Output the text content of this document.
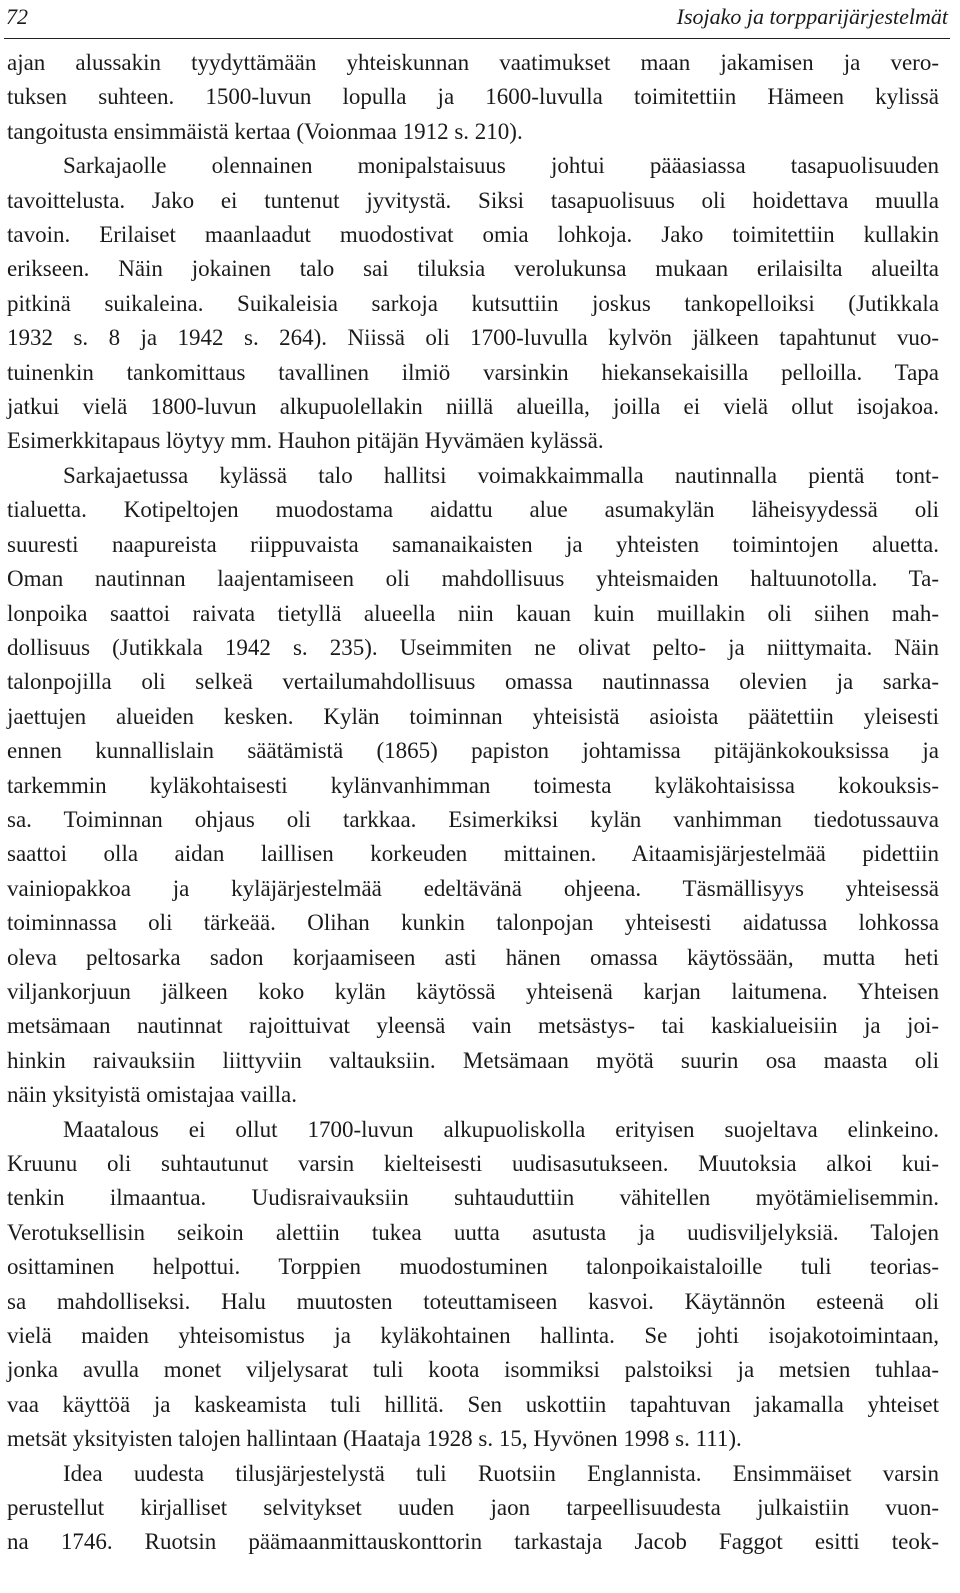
72	Isojako ja torpparijärjestelmät

ajan alussakin tyydyttämään yhteiskunnan vaatimukset maan jakamisen ja vero-

tuksen suhteen. 1500-luvun lopulla ja 1600-luvulla toimitettiin Hämeen kylissä

tangoitusta ensimmäistä kertaa (Voionmaa 1912 s. 210).

Sarkajaolle olennainen monipalstaisuus johtui pääasiassa tasapuolisuuden

tavoittelusta. Jako ei tuntenut jyvitystä. Siksi tasapuolisuus oli hoidettava muulla

tavoin. Erilaiset maanlaadut muodostivat omia lohkoja. Jako toimitettiin kullakin

erikseen. Näin jokainen talo sai tiluksia verolukunsa mukaan erilaisilta alueilta

pitkinä suikaleina. Suikaleisia sarkoja kutsuttiin joskus tankopelloiksi (Jutikkala

1932 s. 8 ja 1942 s. 264). Niissä oli 1700-luvulla kylvön jälkeen tapahtunut vuo-

tuinenkin tankomittaus tavallinen ilmiö varsinkin hiekansekaisilla pelloilla. Tapa

jatkui vielä 1800-luvun alkupuolellakin niillä alueilla, joilla ei vielä ollut isojakoa.

Esimerkkitapaus löytyy mm. Hauhon pitäjän Hyvämäen kylässä.

Sarkajaetussa kylässä talo hallitsi voimakkaimmalla nautinnalla pientä tont-

tialuetta. Kotipeltojen muodostama aidattu alue asumakylän läheisyydessä oli

suuresti naapureista riippuvaista samanaikaisten ja yhteisten toimintojen aluetta.

Oman nautinnan laajentamiseen oli mahdollisuus yhteismaiden haltuunotolla. Ta-

lonpoika saattoi raivata tietyllä alueella niin kauan kuin muillakin oli siihen mah-

dollisuus (Jutikkala 1942 s. 235). Useimmiten ne olivat pelto- ja niittymaita. Näin

talonpojilla oli selkeä vertailumahdollisuus omassa nautinnassa olevien ja sarka-

jaettujen alueiden kesken. Kylän toiminnan yhteisistä asioista päätettiin yleisesti

ennen kunnallislain säätämistä (1865) papiston johtamissa pitäjänkokouksissa ja

tarkemmin kyläkohtaisesti kylänvanhimman toimesta kyläkohtaisissa kokouksis-

sa. Toiminnan ohjaus oli tarkkaa. Esimerkiksi kylän vanhimman tiedotussauva

saattoi olla aidan laillisen korkeuden mittainen. Aitaamisjärjestelmää pidettiin

vainiopakkoa ja kyläjärjestelmää edeltävänä ohjeena. Täsmällisyys yhteisessä

toiminnassa oli tärkeää. Olihan kunkin talonpojan yhteisesti aidatussa lohkossa

oleva peltosarka sadon korjaamiseen asti hänen omassa käytössään, mutta heti

viljankorjuun jälkeen koko kylän käytössä yhteisenä karjan laitumena. Yhteisen

metsämaan nautinnat rajoittuivat yleensä vain metsästys- tai kaskialueisiin ja joi-

hinkin raivauksiin liittyviin valtauksiin. Metsämaan myötä suurin osa maasta oli

näin yksityistä omistajaa vailla.

Maatalous ei ollut 1700-luvun alkupuoliskolla erityisen suojeltava elinkeino.

Kruunu oli suhtautunut varsin kielteisesti uudisasutukseen. Muutoksia alkoi kui-

tenkin ilmaantua. Uudisraivauksiin suhtauduttiin vähitellen myötämielisemmin.

Verotuksellisin seikoin alettiin tukea uutta asutusta ja uudisviljelyksiä. Talojen

osittaminen helpottui. Torppien muodostuminen talonpoikaistaloille tuli teorias-

sa mahdolliseksi. Halu muutosten toteuttamiseen kasvoi. Käytännön esteenä oli

vielä maiden yhteisomistus ja kyläkohtainen hallinta. Se johti isojakotoimintaan,

jonka avulla monet viljelysarat tuli koota isommiksi palstoiksi ja metsien tuhlaa-

vaa käyttöä ja kaskeamista tuli hillitä. Sen uskottiin tapahtuvan jakamalla yhteiset

metsät yksityisten talojen hallintaan (Haataja 1928 s. 15, Hyvönen 1998 s. 111).

Idea uudesta tilusjärjestelystä tuli Ruotsiin Englannista. Ensimmäiset varsin

perustellut kirjalliset selvitykset uuden jaon tarpeellisuudesta julkaistiin vuon-

na 1746. Ruotsin päämaanmittauskonttorin tarkastaja Jacob Faggot esitti teok-
